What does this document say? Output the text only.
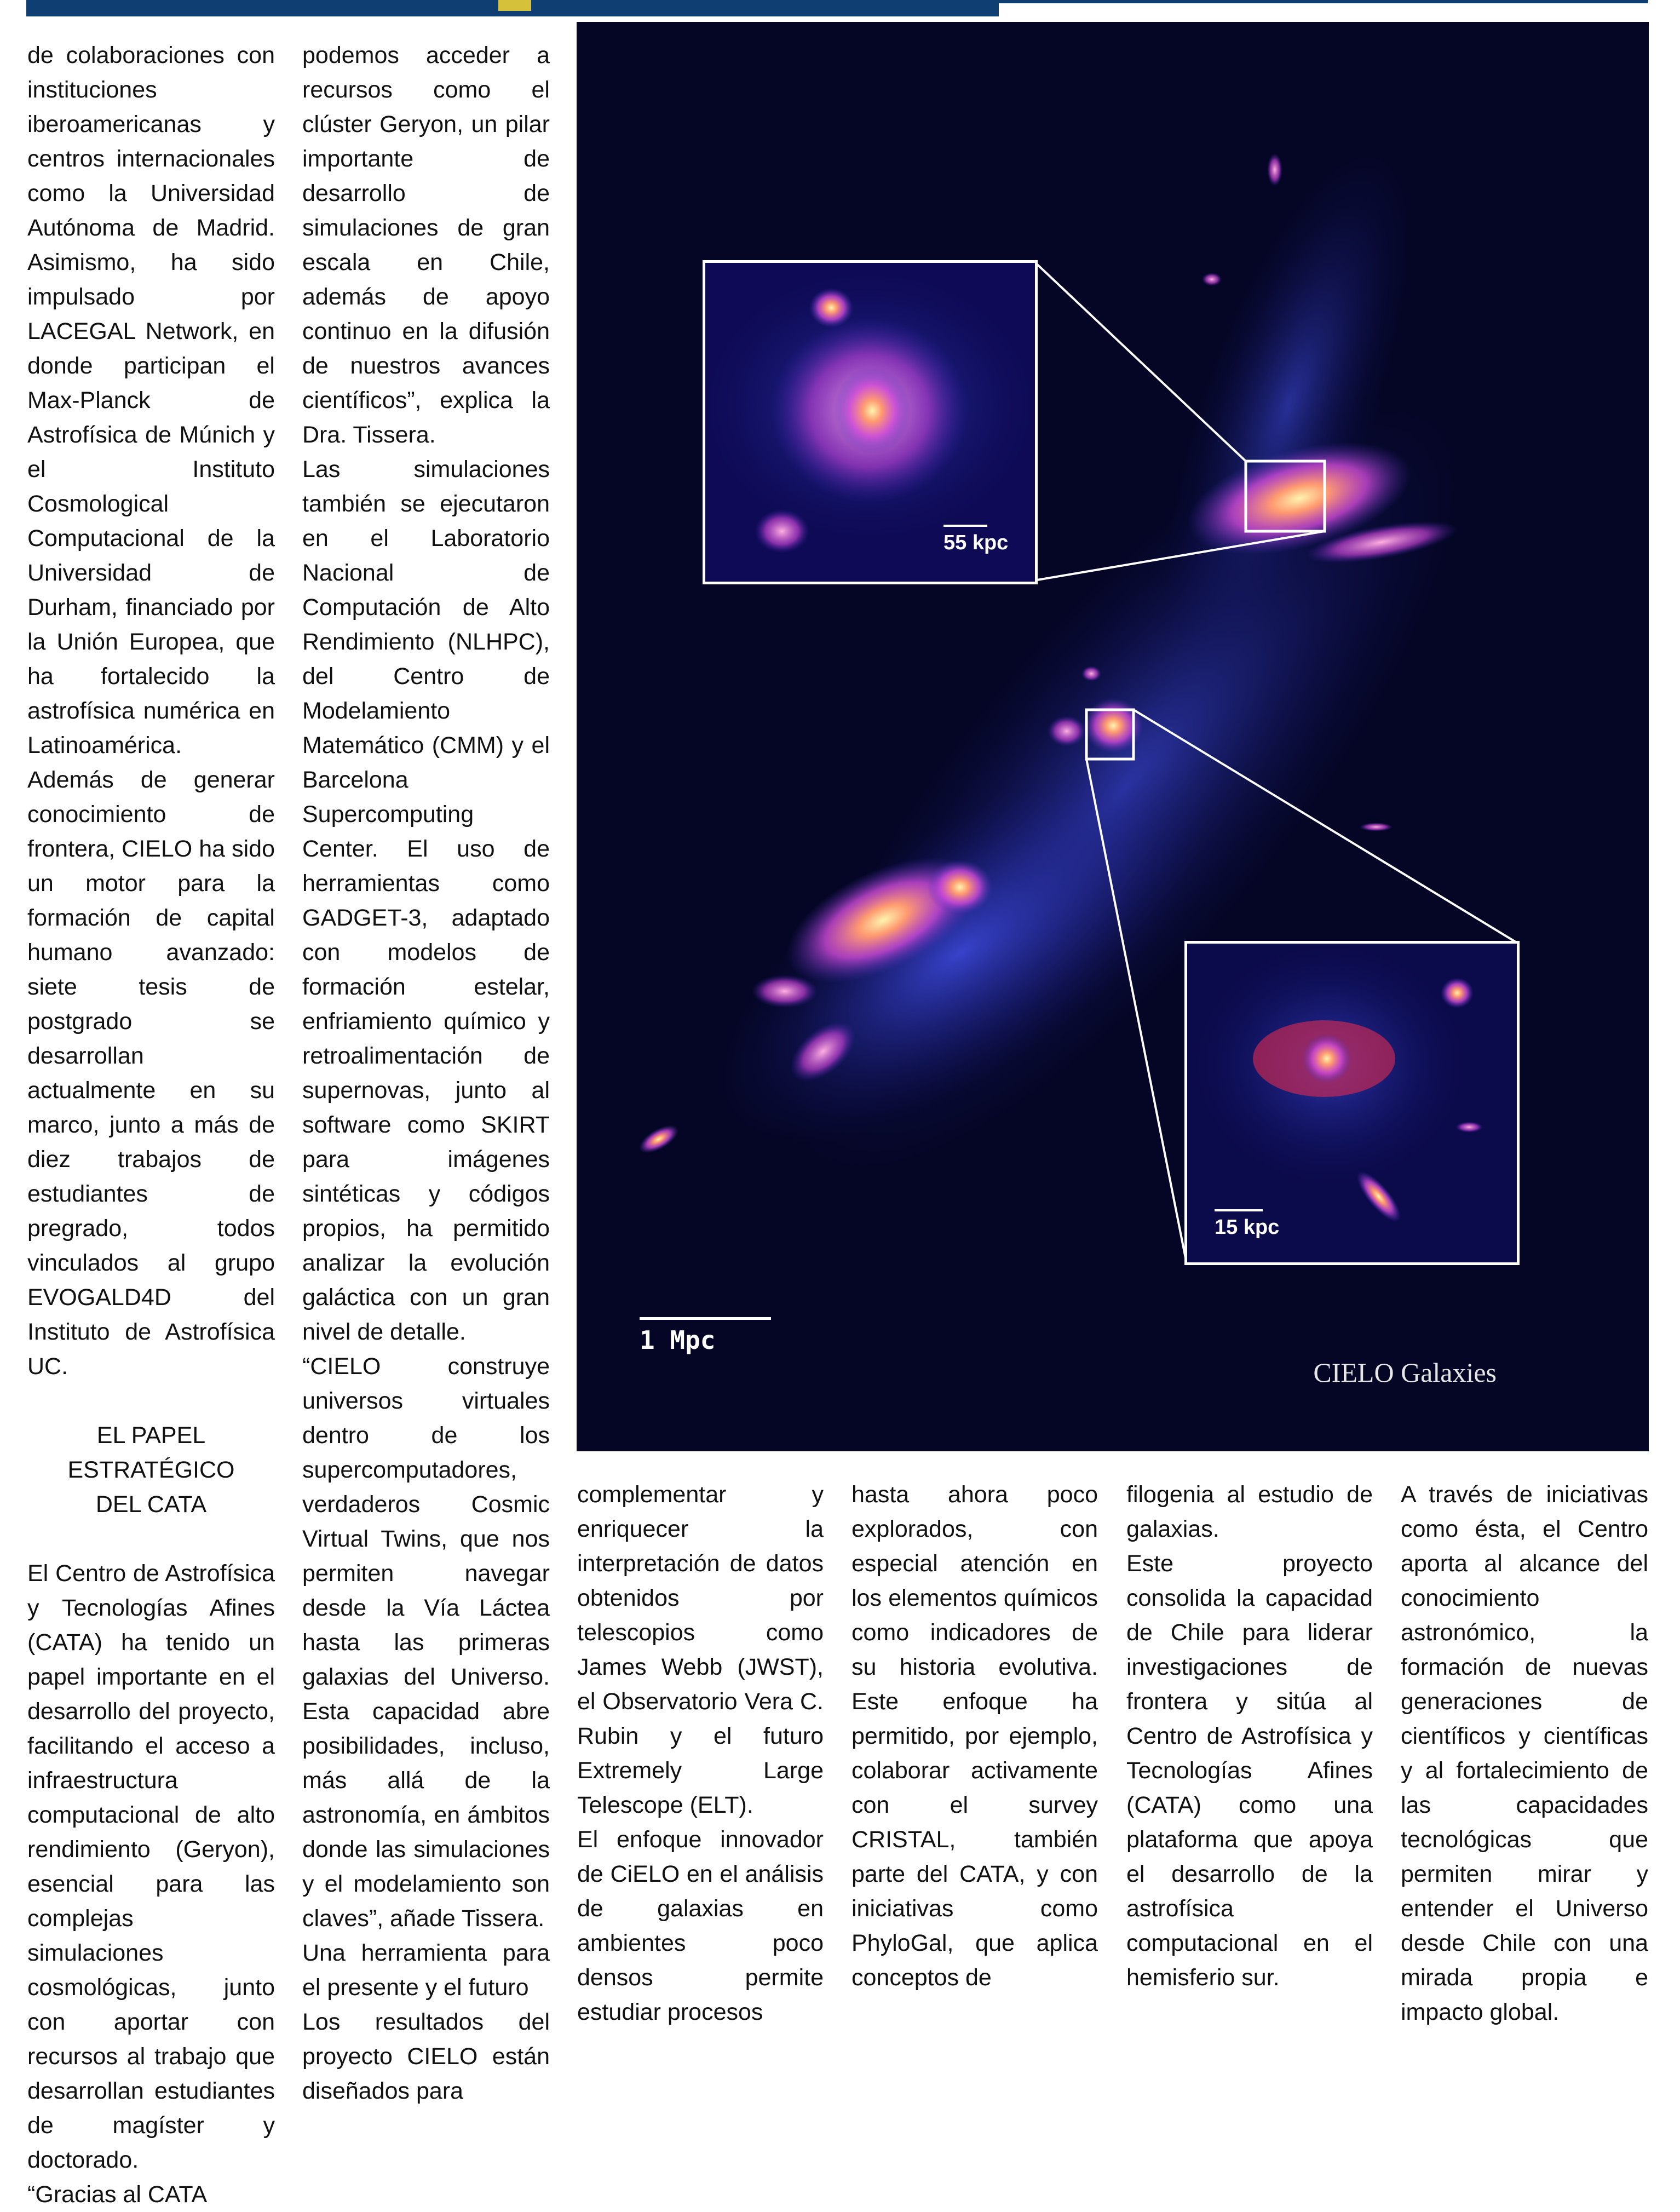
de colaboraciones con instituciones iberoamericanas y centros internacionales como la Universidad Autónoma de Madrid. Asimismo, ha sido impulsado por LACEGAL Network, en donde participan el Max-Planck de Astrofísica de Múnich y el Instituto Cosmological Computacional de la Universidad de Durham, financiado por la Unión Europea, que ha fortalecido la astrofísica numérica en Latinoamérica.

Además de generar conocimiento de frontera, CIELO ha sido un motor para la formación de capital humano avanzado: siete tesis de postgrado se desarrollan actualmente en su marco, junto a más de diez trabajos de estudiantes de pregrado, todos vinculados al grupo EVOGALD4D del Instituto de Astrofísica UC.

EL PAPEL ESTRATÉGICO
DEL CATA

El Centro de Astrofísica y Tecnologías Afines (CATA) ha tenido un papel importante en el desarrollo del proyecto, facilitando el acceso a infraestructura computacional de alto rendimiento (Geryon), esencial para las complejas simulaciones cosmológicas, junto con aportar con recursos al trabajo que desarrollan estudiantes de magíster y doctorado.

“Gracias al CATA

podemos acceder a recursos como el clúster Geryon, un pilar importante de desarrollo de simulaciones de gran escala en Chile, además de apoyo continuo en la difusión de nuestros avances científicos”, explica la Dra. Tissera.

Las simulaciones también se ejecutaron en el Laboratorio Nacional de Computación de Alto Rendimiento (NLHPC), del Centro de Modelamiento Matemático (CMM) y el Barcelona Supercomputing Center. El uso de herramientas como GADGET-3, adaptado con modelos de formación estelar, enfriamiento químico y retroalimentación de supernovas, junto al software como SKIRT para imágenes sintéticas y códigos propios, ha permitido analizar la evolución galáctica con un gran nivel de detalle.

“CIELO construye universos virtuales dentro de los supercomputadores, verdaderos Cosmic Virtual Twins, que nos permiten navegar desde la Vía Láctea hasta las primeras galaxias del Universo. Esta capacidad abre posibilidades, incluso, más allá de la astronomía, en ámbitos donde las simulaciones y el modelamiento son claves”, añade Tissera.

Una herramienta para el presente y el futuro

Los resultados del proyecto CIELO están diseñados para

55 kpc
15 kpc
1 Mpc
CIELO Galaxies

complementar y enriquecer la interpretación de datos obtenidos por telescopios como James Webb (JWST), el Observatorio Vera C. Rubin y el futuro Extremely Large Telescope (ELT).

El enfoque innovador de CiELO en el análisis de galaxias en ambientes poco densos permite estudiar procesos

hasta ahora poco explorados, con especial atención en los elementos químicos como indicadores de su historia evolutiva. Este enfoque ha permitido, por ejemplo, colaborar activamente con el survey CRISTAL, también parte del CATA, y con iniciativas como PhyloGal, que aplica conceptos de

filogenia al estudio de galaxias.

Este proyecto consolida la capacidad de Chile para liderar investigaciones de frontera y sitúa al Centro de Astrofísica y Tecnologías Afines (CATA) como una plataforma que apoya el desarrollo de la astrofísica computacional en el hemisferio sur.

A través de iniciativas como ésta, el Centro aporta al alcance del conocimiento astronómico, la formación de nuevas generaciones de científicos y científicas y al fortalecimiento de las capacidades tecnológicas que permiten mirar y entender el Universo desde Chile con una mirada propia e impacto global.
